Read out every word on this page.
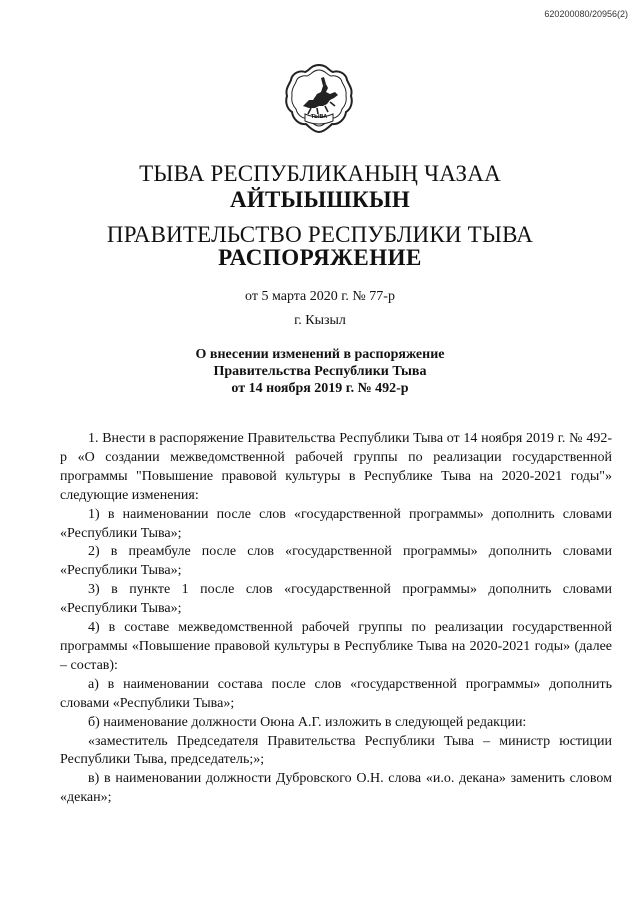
620200080/20956(2)
ТЫВА
ТЫВА РЕСПУБЛИКАНЫҢ ЧАЗАА
АЙТЫЫШКЫН
ПРАВИТЕЛЬСТВО РЕСПУБЛИКИ ТЫВА
РАСПОРЯЖЕНИЕ
от 5 марта 2020 г. № 77-р
г. Кызыл
О внесении изменений в распоряжение
Правительства Республики Тыва
от 14 ноября 2019 г. № 492-р

1. Внести в распоряжение Правительства Республики Тыва от 14 ноября 2019 г. № 492-р «О создании межведомственной рабочей группы по реализации государственной программы "Повышение правовой культуры в Республике Тыва на 2020-2021 годы"» следующие изменения:

1) в наименовании после слов «государственной программы» дополнить словами «Республики Тыва»;

2) в преамбуле после слов «государственной программы» дополнить словами «Республики Тыва»;

3) в пункте 1 после слов «государственной программы» дополнить словами «Республики Тыва»;

4) в составе межведомственной рабочей группы по реализации государственной программы «Повышение правовой культуры в Республике Тыва на 2020-2021 годы» (далее – состав):

а) в наименовании состава после слов «государственной программы» дополнить словами «Республики Тыва»;

б) наименование должности Оюна А.Г. изложить в следующей редакции:

«заместитель Председателя Правительства Республики Тыва – министр юстиции Республики Тыва, председатель;»;

в) в наименовании должности Дубровского О.Н. слова «и.о. декана» заменить словом «декан»;
